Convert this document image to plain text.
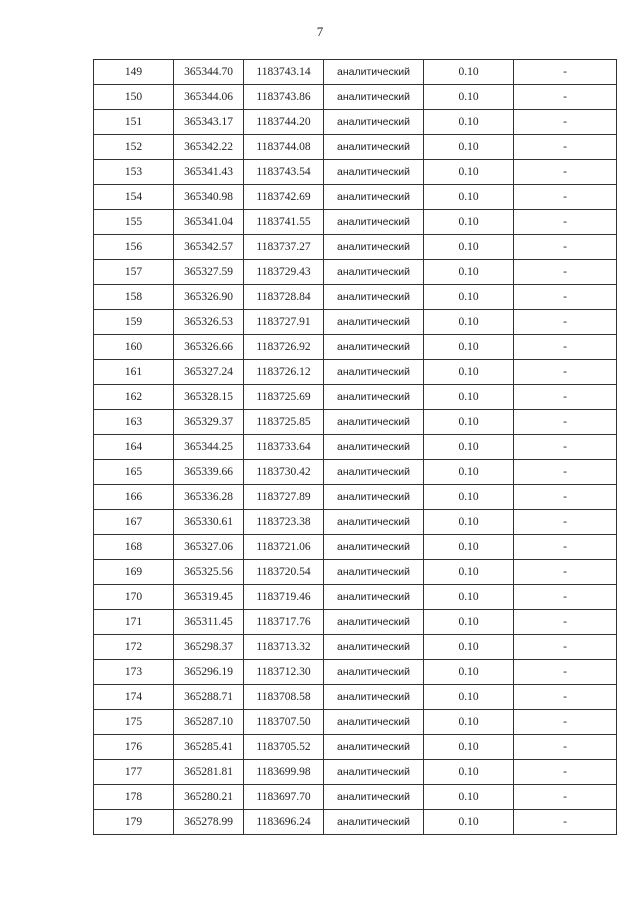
7
149	365344.70	1183743.14	аналитический	0.10	-
150	365344.06	1183743.86	аналитический	0.10	-
151	365343.17	1183744.20	аналитический	0.10	-
152	365342.22	1183744.08	аналитический	0.10	-
153	365341.43	1183743.54	аналитический	0.10	-
154	365340.98	1183742.69	аналитический	0.10	-
155	365341.04	1183741.55	аналитический	0.10	-
156	365342.57	1183737.27	аналитический	0.10	-
157	365327.59	1183729.43	аналитический	0.10	-
158	365326.90	1183728.84	аналитический	0.10	-
159	365326.53	1183727.91	аналитический	0.10	-
160	365326.66	1183726.92	аналитический	0.10	-
161	365327.24	1183726.12	аналитический	0.10	-
162	365328.15	1183725.69	аналитический	0.10	-
163	365329.37	1183725.85	аналитический	0.10	-
164	365344.25	1183733.64	аналитический	0.10	-
165	365339.66	1183730.42	аналитический	0.10	-
166	365336.28	1183727.89	аналитический	0.10	-
167	365330.61	1183723.38	аналитический	0.10	-
168	365327.06	1183721.06	аналитический	0.10	-
169	365325.56	1183720.54	аналитический	0.10	-
170	365319.45	1183719.46	аналитический	0.10	-
171	365311.45	1183717.76	аналитический	0.10	-
172	365298.37	1183713.32	аналитический	0.10	-
173	365296.19	1183712.30	аналитический	0.10	-
174	365288.71	1183708.58	аналитический	0.10	-
175	365287.10	1183707.50	аналитический	0.10	-
176	365285.41	1183705.52	аналитический	0.10	-
177	365281.81	1183699.98	аналитический	0.10	-
178	365280.21	1183697.70	аналитический	0.10	-
179	365278.99	1183696.24	аналитический	0.10	-
